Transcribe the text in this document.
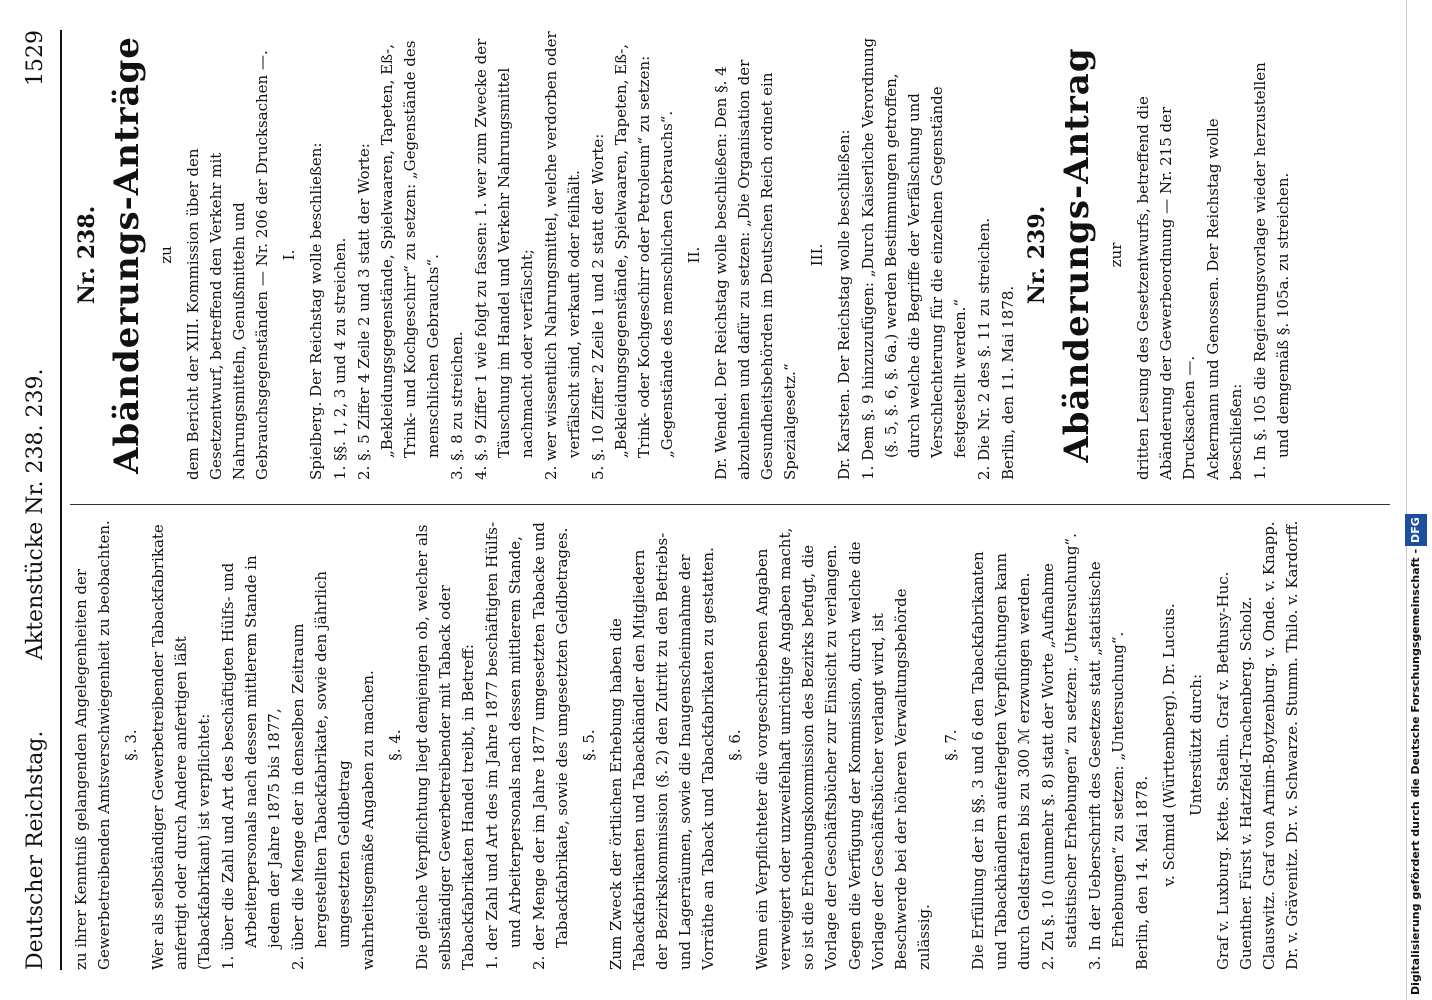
Deutscher Reichstag.
Aktenstücke Nr. 238. 239.
1529

zu ihrer Kenntniß gelangenden Angelegenheiten der Gewerbetreibenden Amtsverschwiegenheit zu beobachten. §. 3. Wer als selbständiger Gewerbetreibender Tabackfabrikate anfertigt oder durch Andere anfertigen läßt (Tabackfabrikant) ist verpflichtet: 1. über die Zahl und Art des beschäftigten Hülfs- und Arbeiterpersonals nach dessen mittlerem Stande in jedem der Jahre 1875 bis 1877, 2. über die Menge der in denselben Zeitraum hergestellten Tabackfabrikate, sowie den jährlich umgesetzten Geldbetrag wahrheitsgemäße Angaben zu machen. §. 4. Die gleiche Verpflichtung liegt demjenigen ob, welcher als selbständiger Gewerbetreibender mit Taback oder Tabackfabrikaten Handel treibt, in Betreff: 1. der Zahl und Art des im Jahre 1877 beschäftigten Hülfs- und Arbeiterpersonals nach dessen mittlerem Stande, 2. der Menge der im Jahre 1877 umgesetzten Tabacke und Tabackfabrikate, sowie des umgesetzten Geldbetrages. §. 5. Zum Zweck der örtlichen Erhebung haben die Tabackfabrikanten und Tabackhändler den Mitgliedern der Bezirkskommission (§. 2) den Zutritt zu den Betriebs- und Lagerräumen, sowie die Inaugenscheinnahme der Vorräthe an Taback und Tabackfabrikaten zu gestatten. §. 6. Wenn ein Verpflichteter die vorgeschriebenen Angaben verweigert oder unzweifelhaft unrichtige Angaben macht, so ist die Erhebungskommission des Bezirks befugt, die Vorlage der Geschäftsbücher zur Einsicht zu verlangen. Gegen die Verfügung der Kommission, durch welche die Vorlage der Geschäftsbücher verlangt wird, ist Beschwerde bei der höheren Verwaltungsbehörde zulässig.

§. 7. Die Erfüllung der in §§. 3 und 6 den Tabackfabrikanten und Tabackhändlern auferlegten Verpflichtungen kann durch Geldstrafen bis zu 300 ℳ erzwungen werden. 2. Zu §. 10 (nunmehr §. 8) statt der Worte „Aufnahme statistischer Erhebungen“ zu setzen: „Untersuchung“. 3. In der Ueberschrift des Gesetzes statt „statistische Erhebungen“ zu setzen: „Untersuchung“. Berlin, den 14. Mai 1878. v. Schmid (Württemberg). Dr. Lucius. Unterstützt durch: Graf v. Luxburg. Kette. Staelin. Graf v. Bethusy-Huc. Guenther. Fürst v. Hatzfeld-Trachenberg. Scholz. Clauswitz. Graf von Arnim-Boytzenburg. v. Onde. v. Knapp. Dr. v. Grävenitz. Dr. v. Schwarze. Stumm. Thilo. v. Kardorff.

Nr. 238. Abänderungs-Anträge zu dem Bericht der XIII. Kommission über den Gesetzentwurf, betreffend den Verkehr mit Nahrungsmitteln, Genußmitteln und Gebrauchsgegenständen — Nr. 206 der Drucksachen —. I. Spielberg. Der Reichstag wolle beschließen: 1. §§. 1, 2, 3 und 4 zu streichen. 2. §. 5 Ziffer 4 Zeile 2 und 3 statt der Worte: „Bekleidungsgegenstände, Spielwaaren, Tapeten, Eß-, Trink- und Kochgeschirr“ zu setzen: „Gegenstände des menschlichen Gebrauchs“. 3. §. 8 zu streichen. 4. §. 9 Ziffer 1 wie folgt zu fassen: 1. wer zum Zwecke der Täuschung im Handel und Verkehr Nahrungsmittel nachmacht oder verfälscht; 2. wer wissentlich Nahrungsmittel, welche verdorben oder verfälscht sind, verkauft oder feilhält. 5. §. 10 Ziffer 2 Zeile 1 und 2 statt der Worte: „Bekleidungsgegenstände, Spielwaaren, Tapeten, Eß-, Trink- oder Kochgeschirr oder Petroleum“ zu setzen: „Gegenstände des menschlichen Gebrauchs“. II. Dr. Wendel. Der Reichstag wolle beschließen: Den §. 4 abzulehnen und dafür zu setzen: „Die Organisation der Gesundheitsbehörden im Deutschen Reich ordnet ein Spezialgesetz.“

III. Dr. Karsten. Der Reichstag wolle beschließen: 1. Dem §. 9 hinzuzufügen: „Durch Kaiserliche Verordnung (§. 5, §. 6, §. 6a.) werden Bestimmungen getroffen, durch welche die Begriffe der Verfälschung und Verschlechterung für die einzelnen Gegenstände festgestellt werden.“ 2. Die Nr. 2 des §. 11 zu streichen. Berlin, den 11. Mai 1878.

Nr. 239. Abänderungs-Antrag zur dritten Lesung des Gesetzentwurfs, betreffend die Abänderung der Gewerbeordnung — Nr. 215 der Drucksachen —. Ackermann und Genossen. Der Reichstag wolle beschließen: 1. In §. 105 die Regierungsvorlage wieder herzustellen und demgemäß §. 105a. zu streichen.

Digitalisierung gefördert durch die Deutsche Forschungsgemeinschaft -DFG
